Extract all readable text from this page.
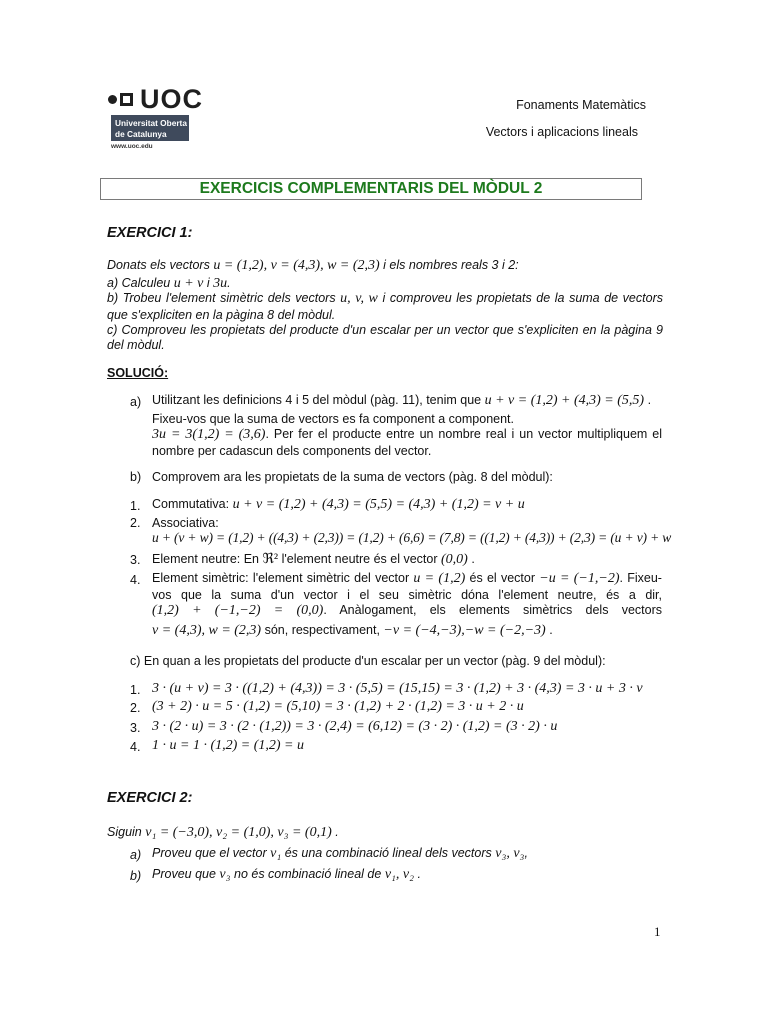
UOC
Universitat Oberta
de Catalunya
www.uoc.edu
Fonaments Matemàtics
Vectors i aplicacions lineals
EXERCICIS COMPLEMENTARIS DEL MÒDUL 2
EXERCICI 1:
Donats els vectors u = (1,2), v = (4,3), w = (2,3) i els nombres reals 3 i 2:
a) Calculeu u + v i 3u.
b) Trobeu l'element simètric dels vectors u, v, w i comproveu les propietats de la suma de vectors
que s'expliciten en la pàgina 8 del mòdul.
c) Comproveu les propietats del producte d'un escalar per un vector que s'expliciten en la pàgina 9
del mòdul.
SOLUCIÓ:
a) Utilitzant les definicions 4 i 5 del mòdul (pàg. 11), tenim que u + v = (1,2) + (4,3) = (5,5) .
Fixeu-vos que la suma de vectors es fa component a component.
3u = 3(1,2) = (3,6). Per fer el producte entre un nombre real i un vector multipliquem el
nombre per cadascun dels components del vector.
b) Comprovem ara les propietats de la suma de vectors (pàg. 8 del mòdul):
1. Commutativa: u + v = (1,2) + (4,3) = (5,5) = (4,3) + (1,2) = v + u
2. Associativa:
u + (v + w) = (1,2) + ((4,3) + (2,3)) = (1,2) + (6,6) = (7,8) = ((1,2) + (4,3)) + (2,3) = (u + v) + w
3. Element neutre: En ℜ² l'element neutre és el vector (0,0) .
4. Element simètric: l'element simètric del vector u = (1,2) és el vector −u = (−1,−2). Fixeu-
vos que la suma d'un vector i el seu simètric dóna l'element neutre, és a dir,
(1,2) + (−1,−2) = (0,0). Anàlogament, els elements simètrics dels vectors
v = (4,3), w = (2,3) són, respectivament, −v = (−4,−3),−w = (−2,−3) .
c) En quan a les propietats del producte d'un escalar per un vector (pàg. 9 del mòdul):
1. 3 · (u + v) = 3 · ((1,2) + (4,3)) = 3 · (5,5) = (15,15) = 3 · (1,2) + 3 · (4,3) = 3 · u + 3 · v
2. (3 + 2) · u = 5 · (1,2) = (5,10) = 3 · (1,2) + 2 · (1,2) = 3 · u + 2 · u
3. 3 · (2 · u) = 3 · (2 · (1,2)) = 3 · (2,4) = (6,12) = (3 · 2) · (1,2) = (3 · 2) · u
4. 1 · u = 1 · (1,2) = (1,2) = u
EXERCICI 2:
Siguin v₁ = (−3,0), v₂ = (1,0), v₃ = (0,1) .
a) Proveu que el vector v₁ és una combinació lineal dels vectors v₃, v₃,
b) Proveu que v₃ no és combinació lineal de v₁, v₂ .
1
